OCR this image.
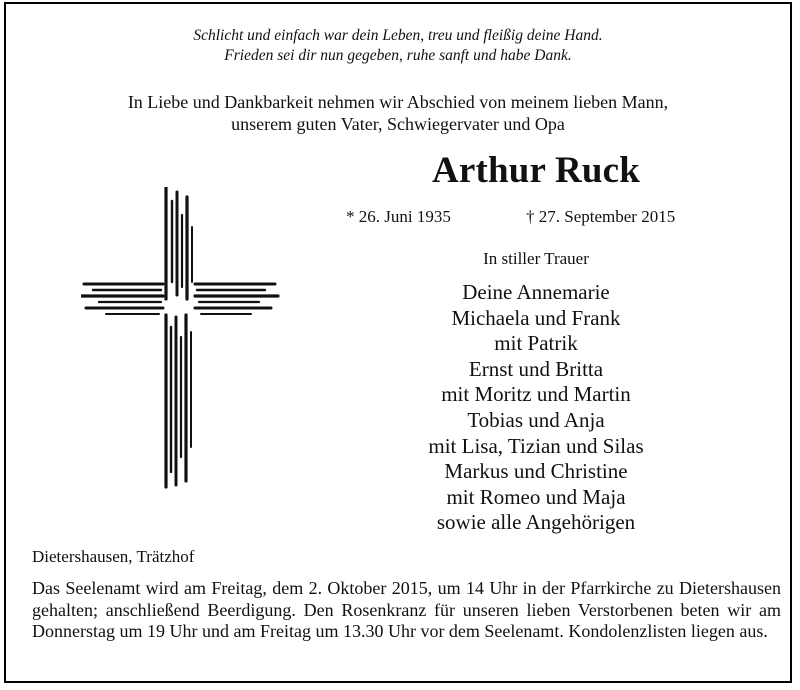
Schlicht und einfach war dein Leben, treu und fleißig deine Hand.
Frieden sei dir nun gegeben, ruhe sanft und habe Dank.
In Liebe und Dankbarkeit nehmen wir Abschied von meinem lieben Mann,
unserem guten Vater, Schwiegervater und Opa
Arthur Ruck
* 26. Juni 1935	† 27. September 2015
In stiller Trauer
Deine Annemarie
Michaela und Frank
mit Patrik
Ernst und Britta
mit Moritz und Martin
Tobias und Anja
mit Lisa, Tizian und Silas
Markus und Christine
mit Romeo und Maja
sowie alle Angehörigen
Dietershausen, Trätzhof
Das Seelenamt wird am Freitag, dem 2. Oktober 2015, um 14 Uhr in der Pfarrkirche zu Dietershausen gehalten; anschließend Beerdigung. Den Rosenkranz für unseren lieben Verstorbenen beten wir am Donnerstag um 19 Uhr und am Freitag um 13.30 Uhr vor dem Seelenamt. Kondolenzlisten liegen aus.
